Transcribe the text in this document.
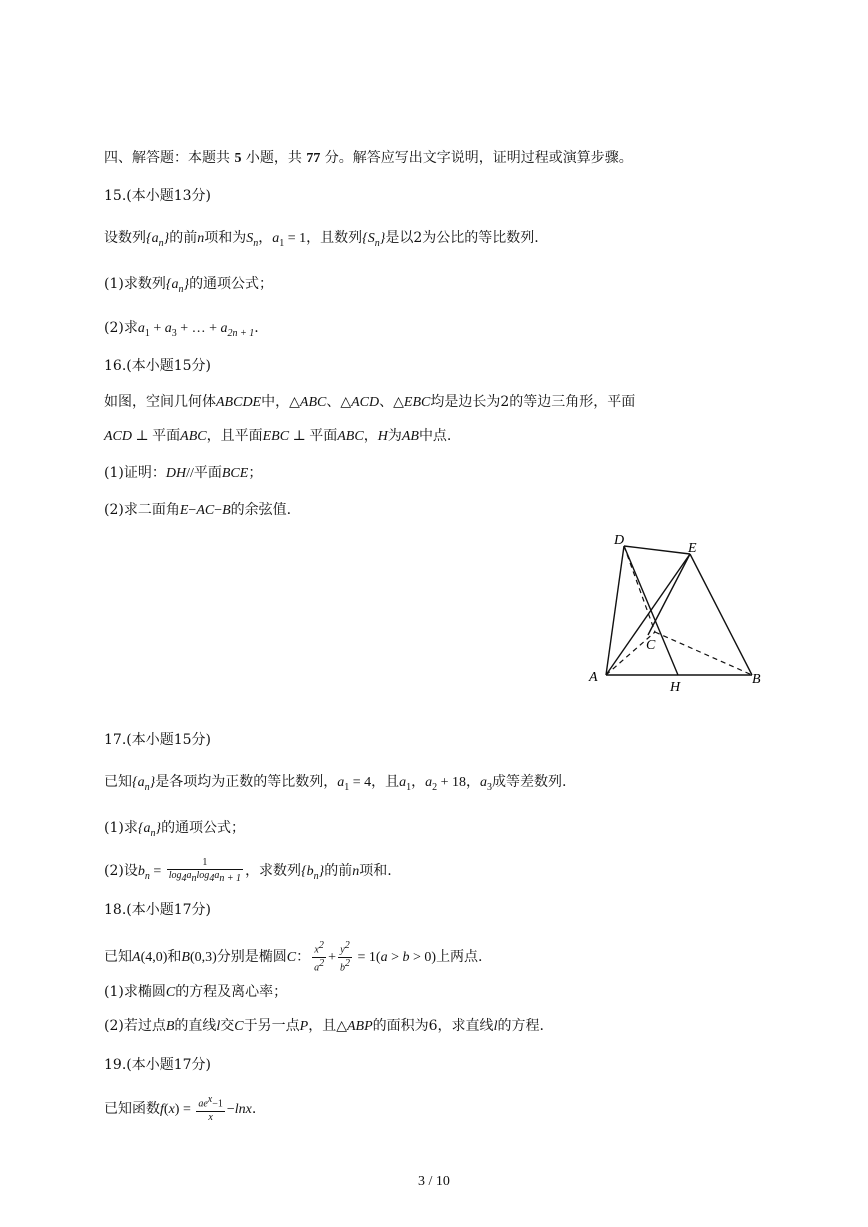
四、解答题：本题共 5 小题，共 77 分。解答应写出文字说明，证明过程或演算步骤。
15.(本小题13分)
设数列$\{a_n\}$的前n项和为$S_n$，$a_1 = 1$，且数列$\{S_n\}$是以2为公比的等比数列.
(1)求数列$\{a_n\}$的通项公式；
(2)求$a_1 + a_3$ + … + $a_{2n + 1}$.
16.(本小题15分)
如图，空间几何体ABCDE中，△ABC、△ACD、△EBC均是边长为2的等边三角形，平面
ACD ⊥ 平面ABC，且平面EBC ⊥ 平面ABC，H为AB中点.
(1)证明：DH//平面BCE；
(2)求二面角E−AC−B的余弦值.
D
E
C
A
H
B
17.(本小题15分)
已知$\{a_n\}$是各项均为正数的等比数列，$a_1 = 4$，且$a_1$，$a_2 + 18$，$a_3$成等差数列.
(1)求$\{a_n\}$的通项公式；
(2)设$b_n = \frac{1}{\log_4a_n\log_4a_{n + 1}}$ ，求数列$\{b_n\}$的前n项和.
18.(本小题17分)
已知A(4,0)和B(0,3)分别是椭圆C： $\frac{x^2}{a^2} + \frac{y^2}{b^2} = 1(a > b > 0)$上两点.
(1)求椭圆C的方程及离心率；
(2)若过点B的直线l交C于另一点P，且△ABP的面积为6，求直线l的方程.
19.(本小题17分)
已知函数$f(x) = \frac{ae^x-1}{x} -\ln x$.
3 / 10
